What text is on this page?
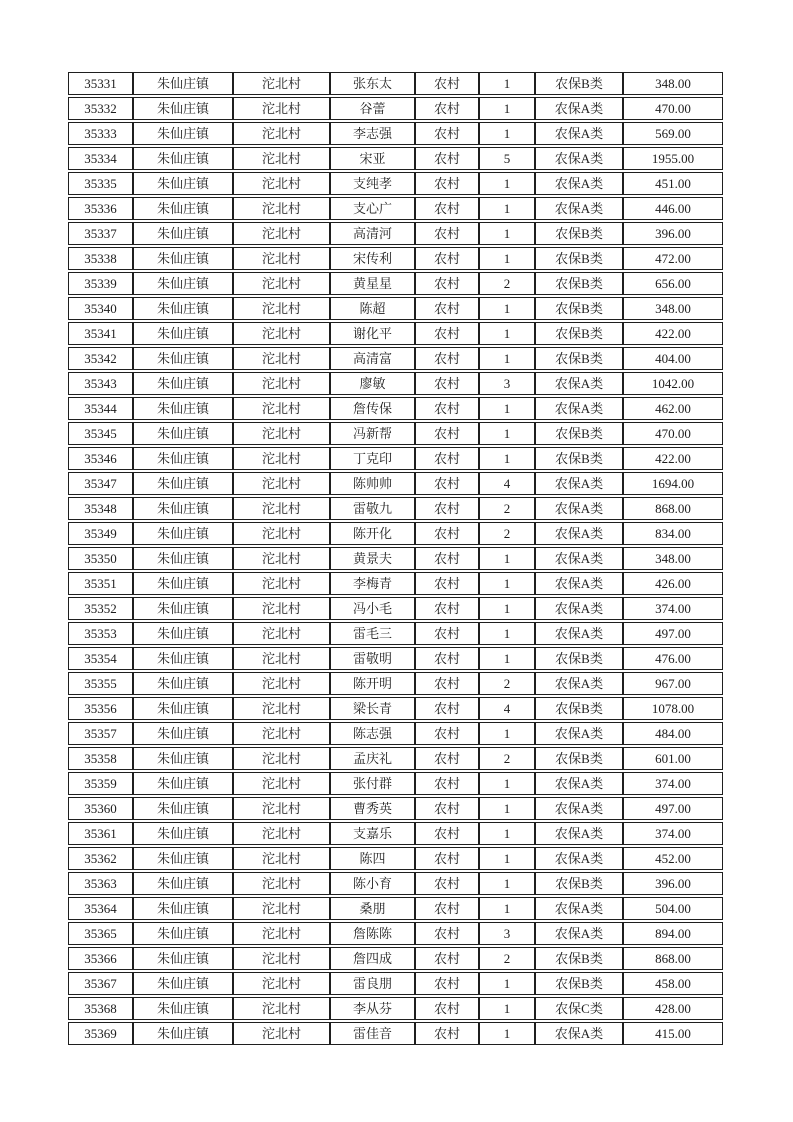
35331	朱仙庄镇	沱北村	张东太	农村	1	农保B类	348.00
35332	朱仙庄镇	沱北村	谷蕾	农村	1	农保A类	470.00
35333	朱仙庄镇	沱北村	李志强	农村	1	农保A类	569.00
35334	朱仙庄镇	沱北村	宋亚	农村	5	农保A类	1955.00
35335	朱仙庄镇	沱北村	支纯孝	农村	1	农保A类	451.00
35336	朱仙庄镇	沱北村	支心广	农村	1	农保A类	446.00
35337	朱仙庄镇	沱北村	高清河	农村	1	农保B类	396.00
35338	朱仙庄镇	沱北村	宋传利	农村	1	农保B类	472.00
35339	朱仙庄镇	沱北村	黄星星	农村	2	农保B类	656.00
35340	朱仙庄镇	沱北村	陈超	农村	1	农保B类	348.00
35341	朱仙庄镇	沱北村	谢化平	农村	1	农保B类	422.00
35342	朱仙庄镇	沱北村	高清富	农村	1	农保B类	404.00
35343	朱仙庄镇	沱北村	廖敏	农村	3	农保A类	1042.00
35344	朱仙庄镇	沱北村	詹传保	农村	1	农保A类	462.00
35345	朱仙庄镇	沱北村	冯新帮	农村	1	农保B类	470.00
35346	朱仙庄镇	沱北村	丁克印	农村	1	农保B类	422.00
35347	朱仙庄镇	沱北村	陈帅帅	农村	4	农保A类	1694.00
35348	朱仙庄镇	沱北村	雷敬九	农村	2	农保A类	868.00
35349	朱仙庄镇	沱北村	陈开化	农村	2	农保A类	834.00
35350	朱仙庄镇	沱北村	黄景夫	农村	1	农保A类	348.00
35351	朱仙庄镇	沱北村	李梅青	农村	1	农保A类	426.00
35352	朱仙庄镇	沱北村	冯小毛	农村	1	农保A类	374.00
35353	朱仙庄镇	沱北村	雷毛三	农村	1	农保A类	497.00
35354	朱仙庄镇	沱北村	雷敬明	农村	1	农保B类	476.00
35355	朱仙庄镇	沱北村	陈开明	农村	2	农保A类	967.00
35356	朱仙庄镇	沱北村	梁长青	农村	4	农保B类	1078.00
35357	朱仙庄镇	沱北村	陈志强	农村	1	农保A类	484.00
35358	朱仙庄镇	沱北村	孟庆礼	农村	2	农保B类	601.00
35359	朱仙庄镇	沱北村	张付群	农村	1	农保A类	374.00
35360	朱仙庄镇	沱北村	曹秀英	农村	1	农保A类	497.00
35361	朱仙庄镇	沱北村	支嘉乐	农村	1	农保A类	374.00
35362	朱仙庄镇	沱北村	陈四	农村	1	农保A类	452.00
35363	朱仙庄镇	沱北村	陈小育	农村	1	农保B类	396.00
35364	朱仙庄镇	沱北村	桑朋	农村	1	农保A类	504.00
35365	朱仙庄镇	沱北村	詹陈陈	农村	3	农保A类	894.00
35366	朱仙庄镇	沱北村	詹四成	农村	2	农保B类	868.00
35367	朱仙庄镇	沱北村	雷良朋	农村	1	农保B类	458.00
35368	朱仙庄镇	沱北村	李从芬	农村	1	农保C类	428.00
35369	朱仙庄镇	沱北村	雷佳音	农村	1	农保A类	415.00
